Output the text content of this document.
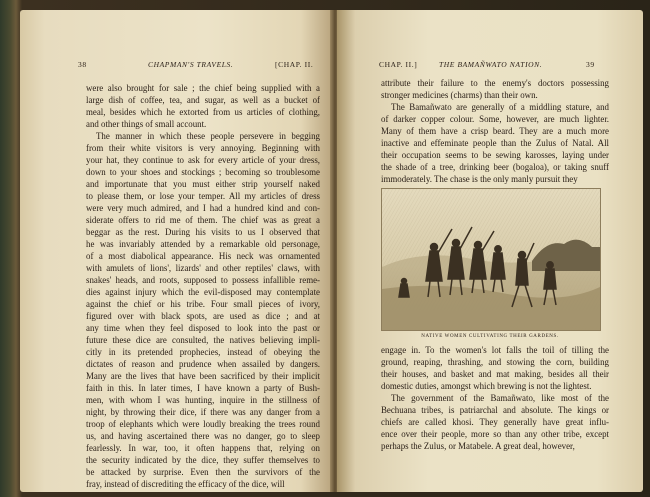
38	CHAPMAN'S TRAVELS.	[CHAP. II.
were also brought for sale ; the chief being supplied with a
large dish of coffee, tea, and sugar, as well as a bucket of
meal, besides which he extorted from us articles of clothing,
and other things of small account.
The manner in which these people persevere in begging
from their white visitors is very annoying. Beginning with
your hat, they continue to ask for every article of your dress,
down to your shoes and stockings ; becoming so troublesome
and importunate that you must either strip yourself naked
to please them, or lose your temper. All my articles of dress
were very much admired, and I had a hundred kind and con-
siderate offers to rid me of them. The chief was as great a
beggar as the rest. During his visits to us I observed that
he was invariably attended by a remarkable old personage,
of a most diabolical appearance. His neck was ornamented
with amulets of lions', lizards' and other reptiles' claws, with
snakes' heads, and roots, supposed to possess infallible reme-
dies against injury which the evil-disposed may contemplate
against the chief or his tribe. Four small pieces of ivory,
figured over with black spots, are used as dice ; and at
any time when they feel disposed to look into the past or
future these dice are consulted, the natives believing impli-
citly in its pretended prophecies, instead of obeying the
dictates of reason and prudence when assailed by dangers.
Many are the lives that have been sacrificed by their implicit
faith in this. In later times, I have known a party of Bush-
men, with whom I was hunting, inquire in the stillness of
night, by throwing their dice, if there was any danger from a
troop of elephants which were loudly breaking the trees round
us, and having ascertained there was no danger, go to sleep
fearlessly. In war, too, it often happens that, relying on
the security indicated by the dice, they suffer themselves to
be attacked by surprise. Even then the survivors of the
fray, instead of discrediting the efficacy of the dice, will
CHAP. II.]	THE BAMAÑWATO NATION.	39
attribute their failure to the enemy's doctors possessing
stronger medicines (charms) than their own.
The Bamañwato are generally of a middling stature, and
of darker copper colour. Some, however, are much lighter.
Many of them have a crisp beard. They are a much more
inactive and effeminate people than the Zulus of Natal. All
their occupation seems to be sewing karosses, laying under
the shade of a tree, drinking beer (bogaloa), or taking snuff
immoderately. The chase is the only manly pursuit they
NATIVE WOMEN CULTIVATING THEIR GARDENS.
engage in. To the women's lot falls the toil of tilling the
ground, reaping, thrashing, and stowing the corn, building
their houses, and basket and mat making, besides all their
domestic duties, amongst which brewing is not the lightest.
The government of the Bamañwato, like most of the
Bechuana tribes, is patriarchal and absolute. The kings or
chiefs are called khosi. They generally have great influ-
ence over their people, more so than any other tribe, except
perhaps the Zulus, or Matabele. A great deal, however,
